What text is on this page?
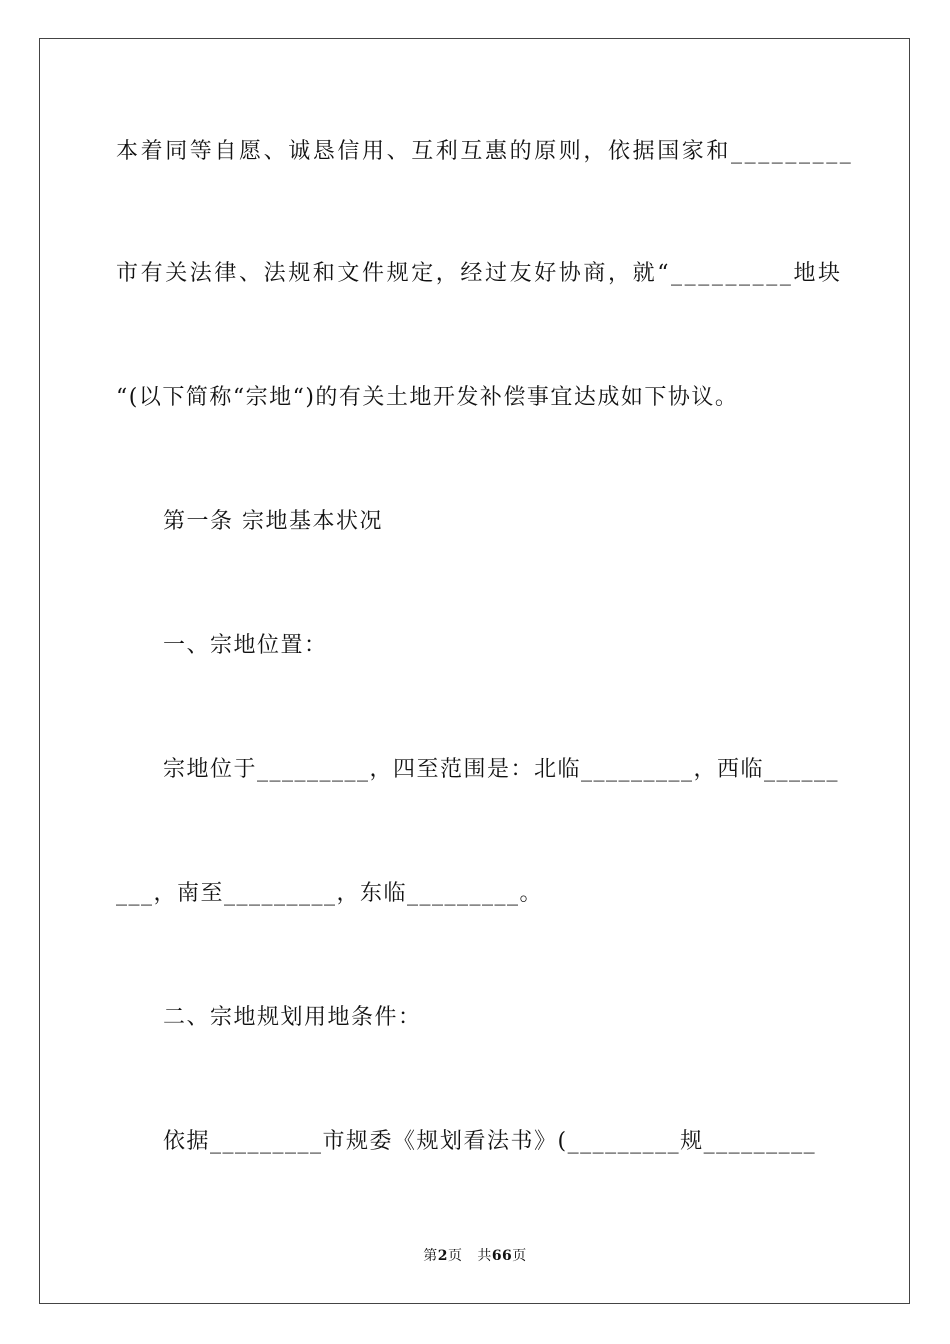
本着同等自愿、诚恳信用、互利互惠的原则，依据国家和_________
市有关法律、法规和文件规定，经过友好协商，就“_________地块
“(以下简称“宗地“)的有关土地开发补偿事宜达成如下协议。
第一条 宗地基本状况
一、宗地位置：
宗地位于_________，四至范围是：北临_________，西临______
___，南至_________，东临_________。
二、宗地规划用地条件：
依据_________市规委《规划看法书》(_________规_________
第2页 共66页
